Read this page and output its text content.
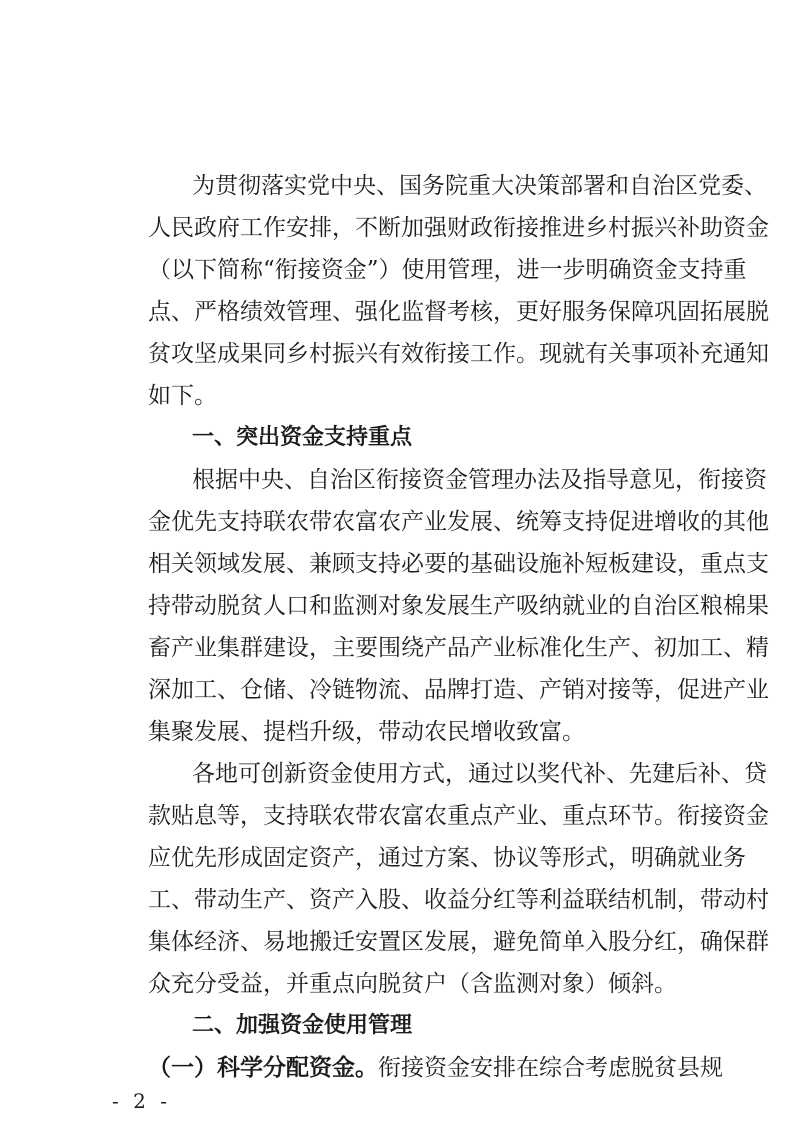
为贯彻落实党中央、国务院重大决策部署和自治区党委、
人民政府工作安排，不断加强财政衔接推进乡村振兴补助资金
（以下简称“衔接资金”）使用管理，进一步明确资金支持重
点、严格绩效管理、强化监督考核，更好服务保障巩固拓展脱
贫攻坚成果同乡村振兴有效衔接工作。现就有关事项补充通知
如下。
一、突出资金支持重点
根据中央、自治区衔接资金管理办法及指导意见，衔接资
金优先支持联农带农富农产业发展、统筹支持促进增收的其他
相关领域发展、兼顾支持必要的基础设施补短板建设，重点支
持带动脱贫人口和监测对象发展生产吸纳就业的自治区粮棉果
畜产业集群建设，主要围绕产品产业标准化生产、初加工、精
深加工、仓储、冷链物流、品牌打造、产销对接等，促进产业
集聚发展、提档升级，带动农民增收致富。
各地可创新资金使用方式，通过以奖代补、先建后补、贷
款贴息等，支持联农带农富农重点产业、重点环节。衔接资金
应优先形成固定资产，通过方案、协议等形式，明确就业务
工、带动生产、资产入股、收益分红等利益联结机制，带动村
集体经济、易地搬迁安置区发展，避免简单入股分红，确保群
众充分受益，并重点向脱贫户（含监测对象）倾斜。
二、加强资金使用管理
（一）科学分配资金。衔接资金安排在综合考虑脱贫县规
- 2 -
